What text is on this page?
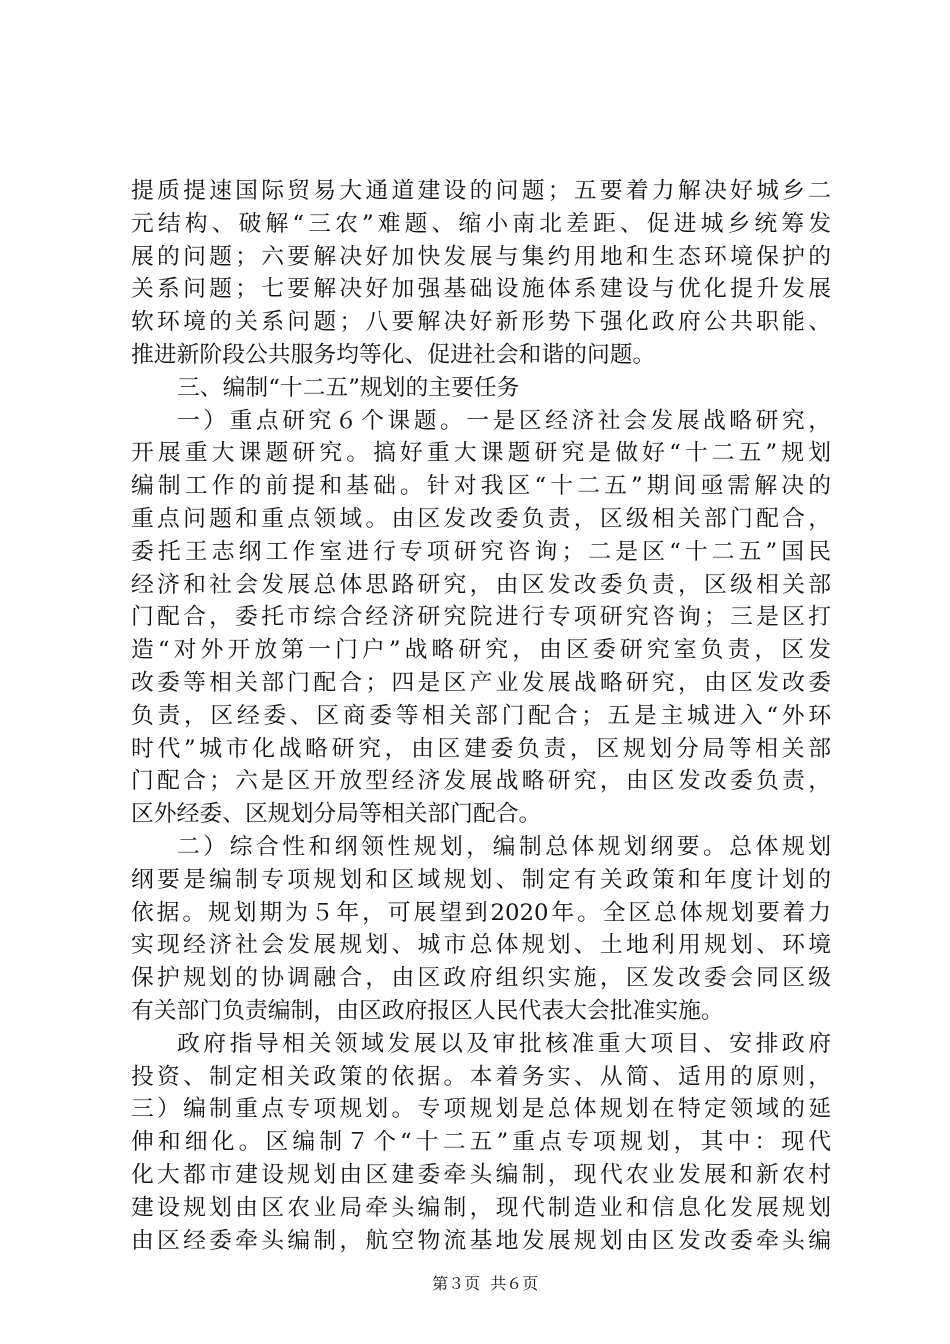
提质提速国际贸易大通道建设的问题；五要着力解决好城乡二
元结构、破解“三农”难题、缩小南北差距、促进城乡统筹发
展的问题；六要解决好加快发展与集约用地和生态环境保护的
关系问题；七要解决好加强基础设施体系建设与优化提升发展
软环境的关系问题；八要解决好新形势下强化政府公共职能、
推进新阶段公共服务均等化、促进社会和谐的问题。
三、编制“十二五”规划的主要任务
一）重点研究６个课题。一是区经济社会发展战略研究，
开展重大课题研究。搞好重大课题研究是做好“十二五”规划
编制工作的前提和基础。针对我区“十二五”期间亟需解决的
重点问题和重点领域。由区发改委负责，区级相关部门配合，
委托王志纲工作室进行专项研究咨询；二是区“十二五”国民
经济和社会发展总体思路研究，由区发改委负责，区级相关部
门配合，委托市综合经济研究院进行专项研究咨询；三是区打
造“对外开放第一门户”战略研究，由区委研究室负责，区发
改委等相关部门配合；四是区产业发展战略研究，由区发改委
负责，区经委、区商委等相关部门配合；五是主城进入“外环
时代”城市化战略研究，由区建委负责，区规划分局等相关部
门配合；六是区开放型经济发展战略研究，由区发改委负责，
区外经委、区规划分局等相关部门配合。
二）综合性和纲领性规划，编制总体规划纲要。总体规划
纲要是编制专项规划和区域规划、制定有关政策和年度计划的
依据。规划期为５年，可展望到2020年。全区总体规划要着力
实现经济社会发展规划、城市总体规划、土地利用规划、环境
保护规划的协调融合，由区政府组织实施，区发改委会同区级
有关部门负责编制，由区政府报区人民代表大会批准实施。
政府指导相关领域发展以及审批核准重大项目、安排政府
投资、制定相关政策的依据。本着务实、从简、适用的原则，
三）编制重点专项规划。专项规划是总体规划在特定领域的延
伸和细化。区编制７个“十二五”重点专项规划，其中：现代
化大都市建设规划由区建委牵头编制，现代农业发展和新农村
建设规划由区农业局牵头编制，现代制造业和信息化发展规划
由区经委牵头编制，航空物流基地发展规划由区发改委牵头编

第３页  共６页
